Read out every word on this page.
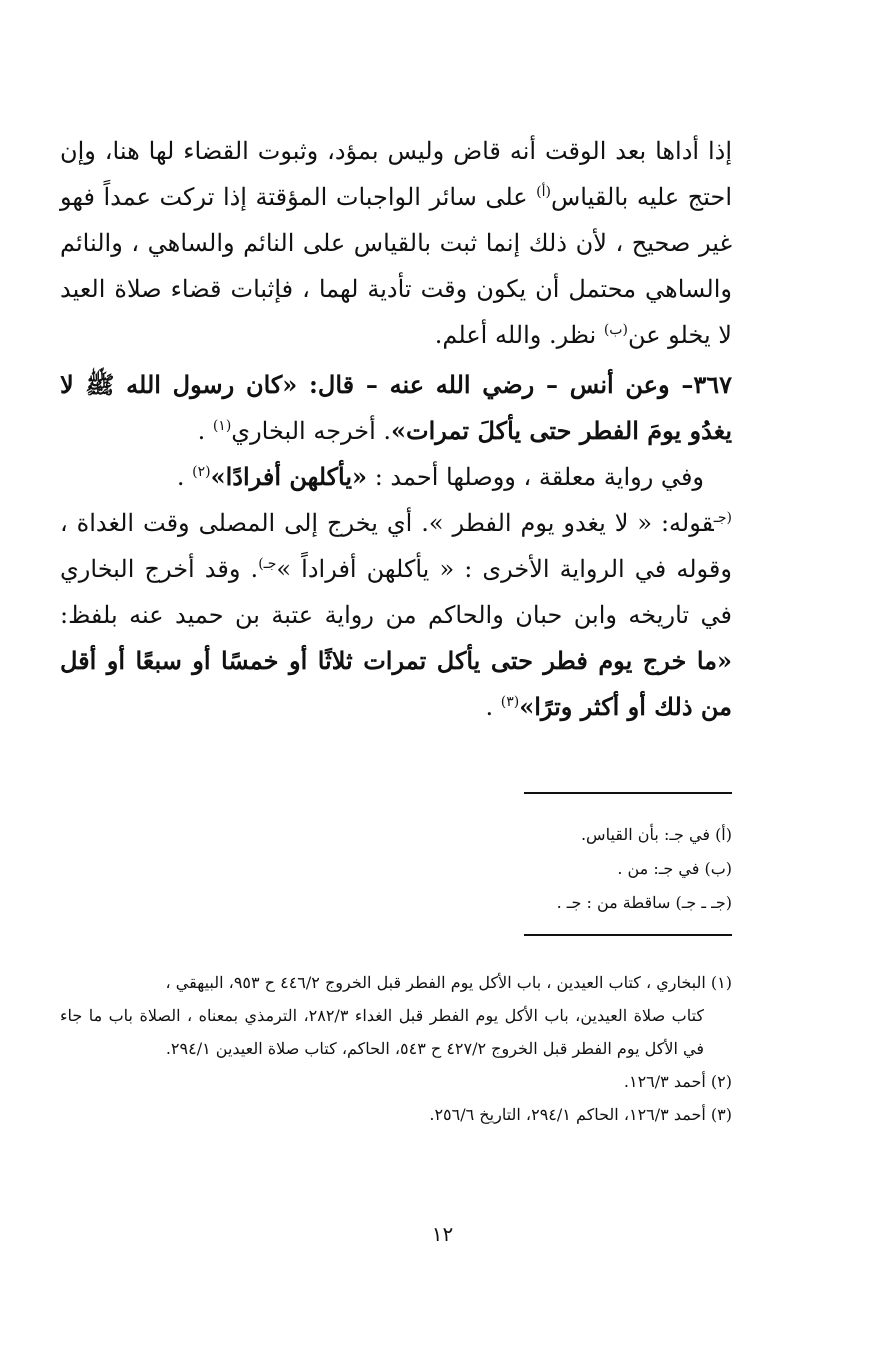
إذا أداها بعد الوقت أنه قاض وليس بمؤد، وثبوت القضاء لها هنا، وإن احتج عليه بالقياس$^{(أ)}$ على سائر الواجبات المؤقتة إذا تركت عمداً فهو غير صحيح ، لأن ذلك إنما ثبت بالقياس على النائم والساهي ، والنائم والساهي محتمل أن يكون وقت تأدية لهما ، فإثبات قضاء صلاة العيد لا يخلو عن$^{(ب)}$ نظر. والله أعلم.

٣٦٧– وعن أنس – رضي الله عنه – قال: «كان رسول الله ﷺ لا يغدُو يومَ الفطر حتى يأكلَ تمرات». أخرجه البخاري$^{(١)}$ .

وفي رواية معلقة ، ووصلها أحمد : «يأكلهن أفرادًا»$^{(٢)}$ .

$^{(جـ}$قوله: « لا يغدو يوم الفطر ». أي يخرج إلى المصلى وقت الغداة ، وقوله في الرواية الأخرى : « يأكلهن أفراداً »$^{جـ)}$. وقد أخرج البخاري في تاريخه وابن حبان والحاكم من رواية عتبة بن حميد عنه بلفظ: «ما خرج يوم فطر حتى يأكل تمرات ثلاثًا أو خمسًا أو سبعًا أو أقل من ذلك أو أكثر وترًا»$^{(٣)}$ .

(أ) في جـ: بأن القياس.
(ب) في جـ: من .
(جـ ـ جـ) ساقطة من : جـ .
(١) البخاري ، كتاب العيدين ، باب الأكل يوم الفطر قبل الخروج ٤٤٦/٢ ح ٩٥٣، البيهقي ،
كتاب صلاة العيدين، باب الأكل يوم الفطر قبل الغداء ٢٨٢/٣، الترمذي بمعناه ، الصلاة باب ما جاء في الأكل يوم الفطر قبل الخروج ٤٢٧/٢ ح ٥٤٣، الحاكم، كتاب صلاة العيدين ٢٩٤/١.
(٢) أحمد ١٢٦/٣.
(٣) أحمد ١٢٦/٣، الحاكم ٢٩٤/١، التاريخ ٢٥٦/٦.
١٢
